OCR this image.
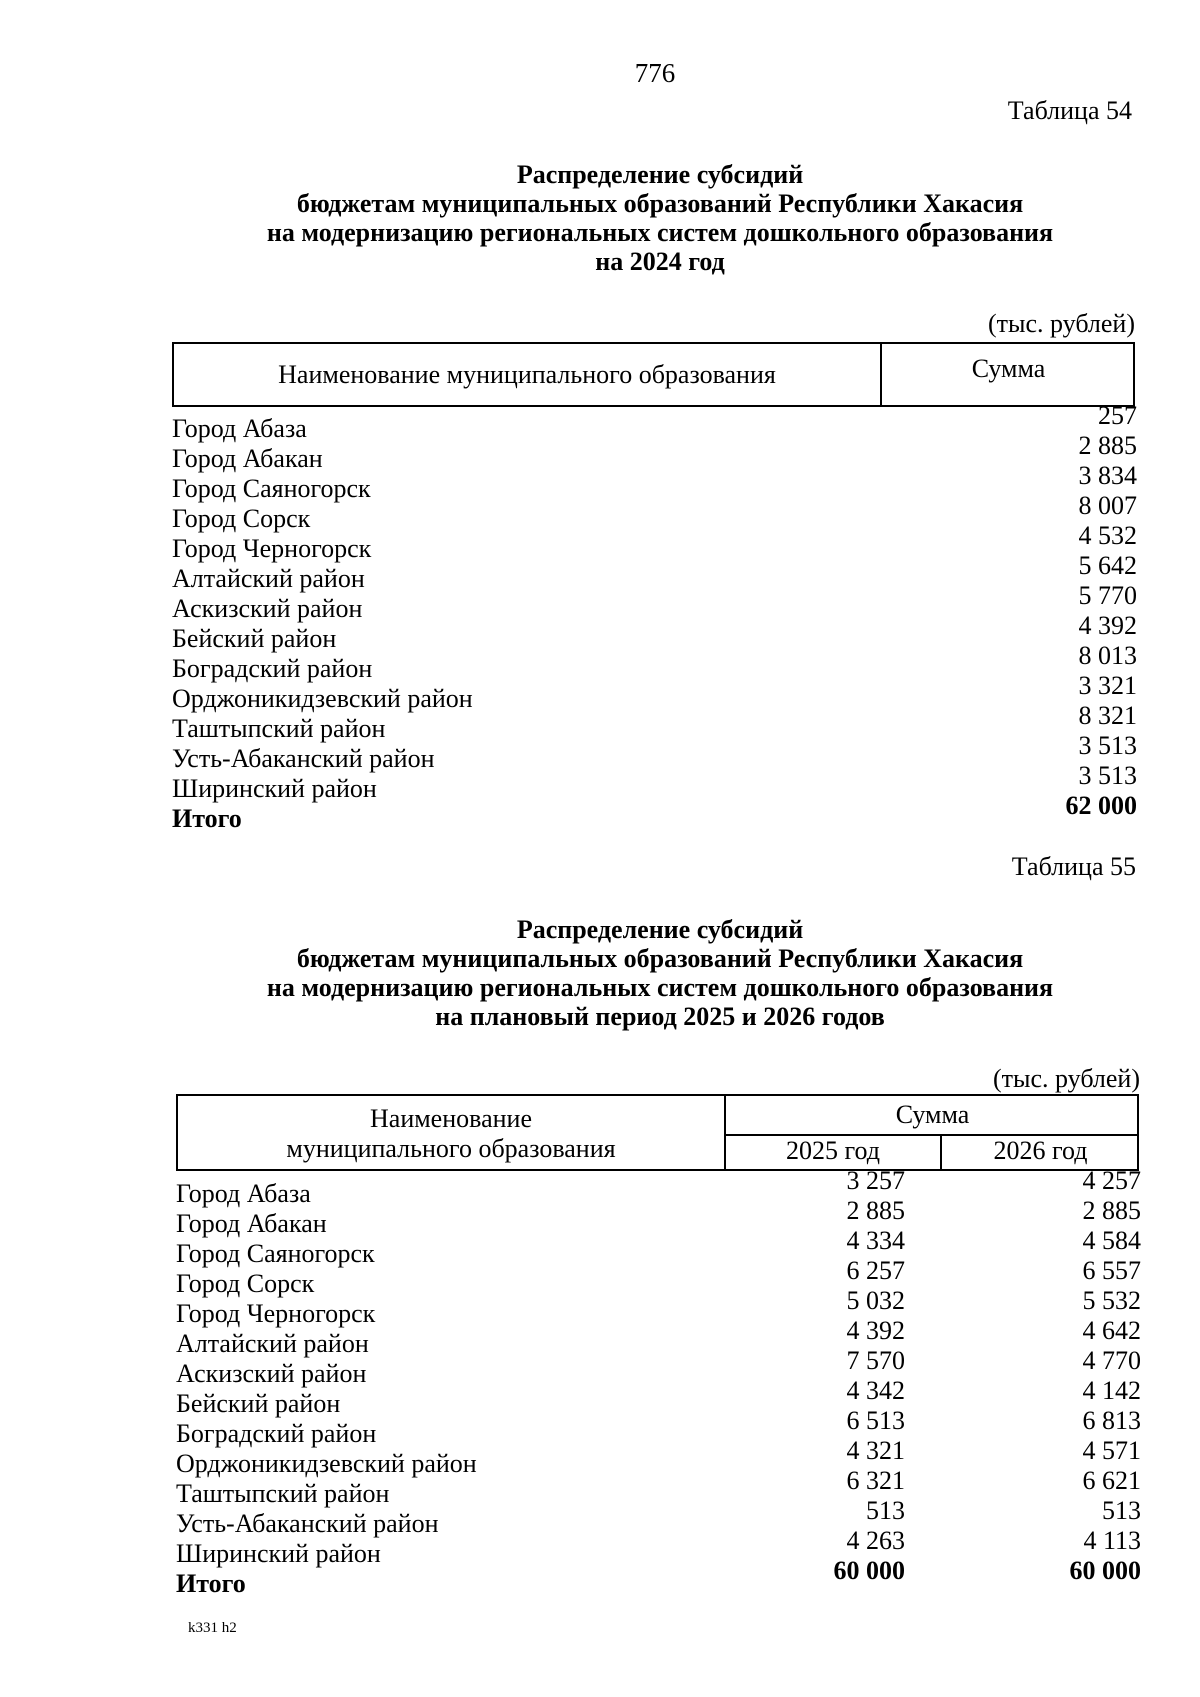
776
Таблица 54
Распределение субсидий
бюджетам муниципальных образований Республики Хакасия
на модернизацию региональных систем дошкольного образования
на 2024 год
(тыс. рублей)
Наименование муниципального образования	Сумма
Город Абаза	257
Город Абакан	2 885
Город Саяногорск	3 834
Город Сорск	8 007
Город Черногорск	4 532
Алтайский район	5 642
Аскизский район	5 770
Бейский район	4 392
Боградский район	8 013
Орджоникидзевский район	3 321
Таштыпский район	8 321
Усть-Абаканский район	3 513
Ширинский район	3 513
Итого	62 000
Таблица 55
Распределение субсидий
бюджетам муниципальных образований Республики Хакасия
на модернизацию региональных систем дошкольного образования
на плановый период 2025 и 2026 годов
(тыс. рублей)
Наименование
муниципального образования
Сумма
2025 год	2026 год
Город Абаза	3 257	4 257
Город Абакан	2 885	2 885
Город Саяногорск	4 334	4 584
Город Сорск	6 257	6 557
Город Черногорск	5 032	5 532
Алтайский район	4 392	4 642
Аскизский район	7 570	4 770
Бейский район	4 342	4 142
Боградский район	6 513	6 813
Орджоникидзевский район	4 321	4 571
Таштыпский район	6 321	6 621
Усть-Абаканский район	513	513
Ширинский район	4 263	4 113
Итого	60 000	60 000
k331 h2
